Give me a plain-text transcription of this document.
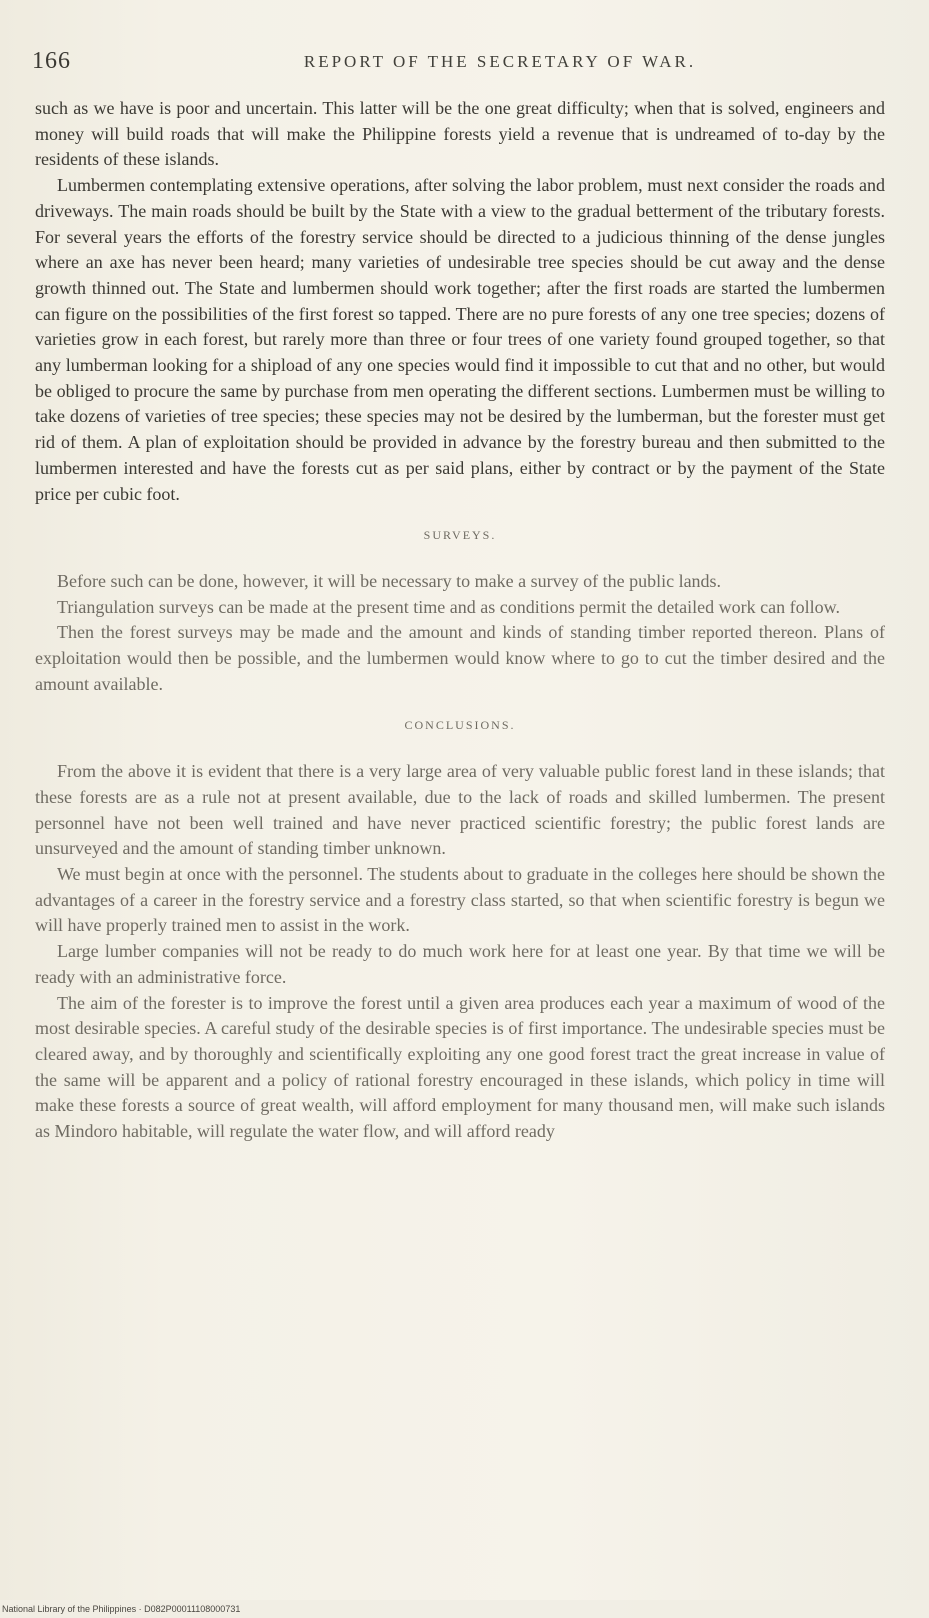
166	REPORT OF THE SECRETARY OF WAR.

such as we have is poor and uncertain. This latter will be the one great difficulty; when that is solved, engineers and money will build roads that will make the Philippine forests yield a revenue that is undreamed of to-day by the residents of these islands.

Lumbermen contemplating extensive operations, after solving the labor problem, must next consider the roads and driveways. The main roads should be built by the State with a view to the gradual betterment of the tributary forests. For several years the efforts of the forestry service should be directed to a judicious thinning of the dense jungles where an axe has never been heard; many varieties of undesirable tree species should be cut away and the dense growth thinned out. The State and lumbermen should work together; after the first roads are started the lumbermen can figure on the possibilities of the first forest so tapped. There are no pure forests of any one tree species; dozens of varieties grow in each forest, but rarely more than three or four trees of one variety found grouped together, so that any lumberman looking for a shipload of any one species would find it impossible to cut that and no other, but would be obliged to procure the same by purchase from men operating the different sections. Lumbermen must be willing to take dozens of varieties of tree species; these species may not be desired by the lumberman, but the forester must get rid of them. A plan of exploitation should be provided in advance by the forestry bureau and then submitted to the lumbermen interested and have the forests cut as per said plans, either by contract or by the payment of the State price per cubic foot.

SURVEYS.

Before such can be done, however, it will be necessary to make a survey of the public lands.

Triangulation surveys can be made at the present time and as conditions permit the detailed work can follow.

Then the forest surveys may be made and the amount and kinds of standing timber reported thereon. Plans of exploitation would then be possible, and the lumbermen would know where to go to cut the timber desired and the amount available.

CONCLUSIONS.

From the above it is evident that there is a very large area of very valuable public forest land in these islands; that these forests are as a rule not at present available, due to the lack of roads and skilled lumbermen. The present personnel have not been well trained and have never practiced scientific forestry; the public forest lands are unsurveyed and the amount of standing timber unknown.

We must begin at once with the personnel. The students about to graduate in the colleges here should be shown the advantages of a career in the forestry service and a forestry class started, so that when scientific forestry is begun we will have properly trained men to assist in the work.

Large lumber companies will not be ready to do much work here for at least one year. By that time we will be ready with an administrative force.

The aim of the forester is to improve the forest until a given area produces each year a maximum of wood of the most desirable species. A careful study of the desirable species is of first importance. The undesirable species must be cleared away, and by thoroughly and scientifically exploiting any one good forest tract the great increase in value of the same will be apparent and a policy of rational forestry encouraged in these islands, which policy in time will make these forests a source of great wealth, will afford employment for many thousand men, will make such islands as Mindoro habitable, will regulate the water flow, and will afford ready

National Library of the Philippines · D082P00011108000731
